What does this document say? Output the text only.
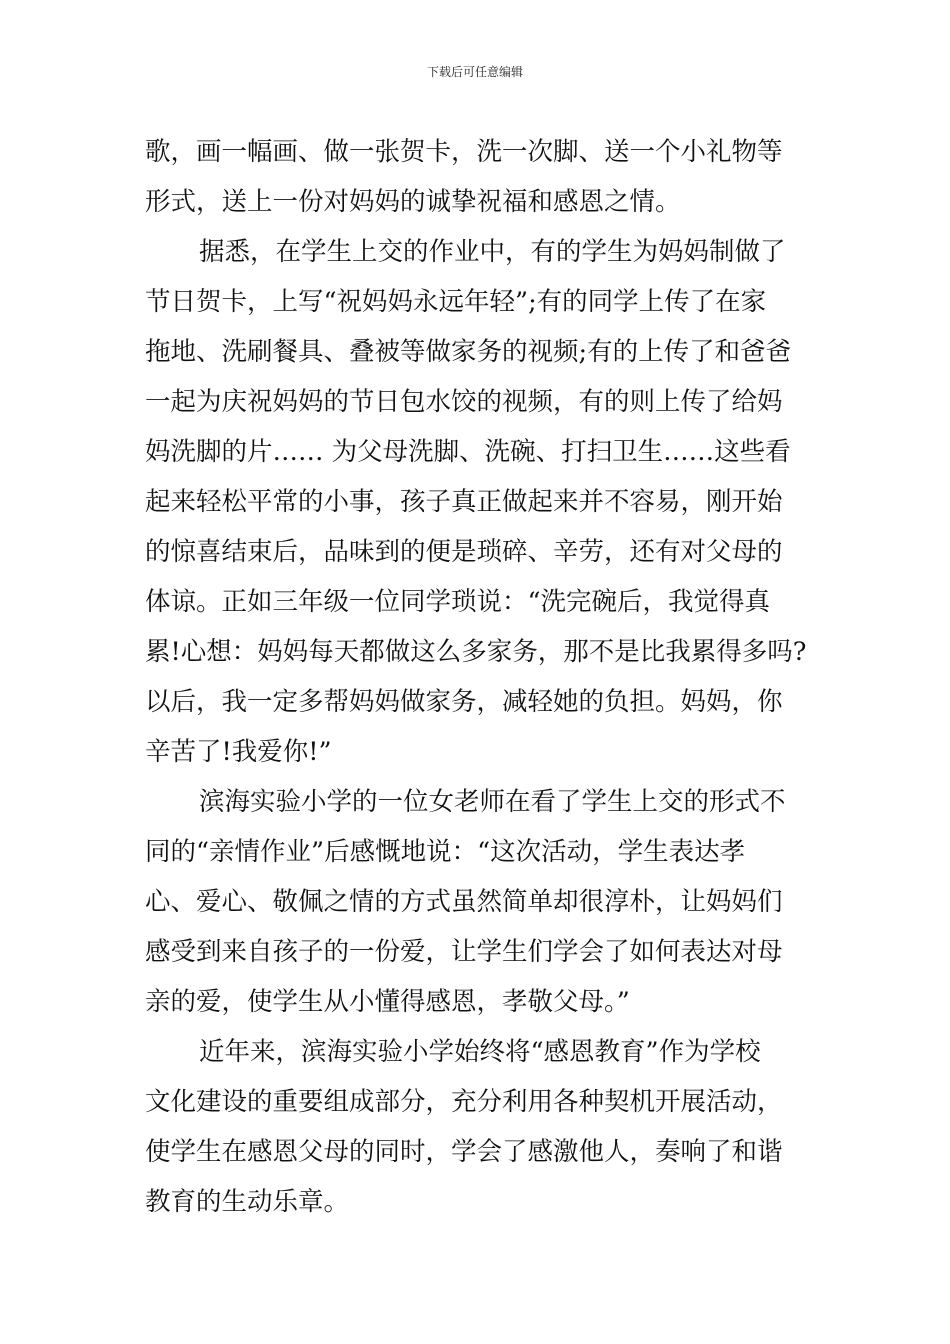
下载后可任意编辑
歌，画一幅画、做一张贺卡，洗一次脚、送一个小礼物等
形式，送上一份对妈妈的诚挚祝福和感恩之情。
据悉，在学生上交的作业中，有的学生为妈妈制做了
节日贺卡，上写“祝妈妈永远年轻”;有的同学上传了在家
拖地、洗刷餐具、叠被等做家务的视频;有的上传了和爸爸
一起为庆祝妈妈的节日包水饺的视频，有的则上传了给妈
妈洗脚的片…… 为父母洗脚、洗碗、打扫卫生……这些看
起来轻松平常的小事，孩子真正做起来并不容易，刚开始
的惊喜结束后，品味到的便是琐碎、辛劳，还有对父母的
体谅。正如三年级一位同学琐说：“洗完碗后，我觉得真
累!心想：妈妈每天都做这么多家务，那不是比我累得多吗?
以后，我一定多帮妈妈做家务，减轻她的负担。妈妈，你
辛苦了!我爱你!”
滨海实验小学的一位女老师在看了学生上交的形式不
同的“亲情作业”后感慨地说：“这次活动，学生表达孝
心、爱心、敬佩之情的方式虽然简单却很淳朴，让妈妈们
感受到来自孩子的一份爱，让学生们学会了如何表达对母
亲的爱，使学生从小懂得感恩，孝敬父母。”
近年来，滨海实验小学始终将“感恩教育”作为学校
文化建设的重要组成部分，充分利用各种契机开展活动，
使学生在感恩父母的同时，学会了感激他人，奏响了和谐
教育的生动乐章。
